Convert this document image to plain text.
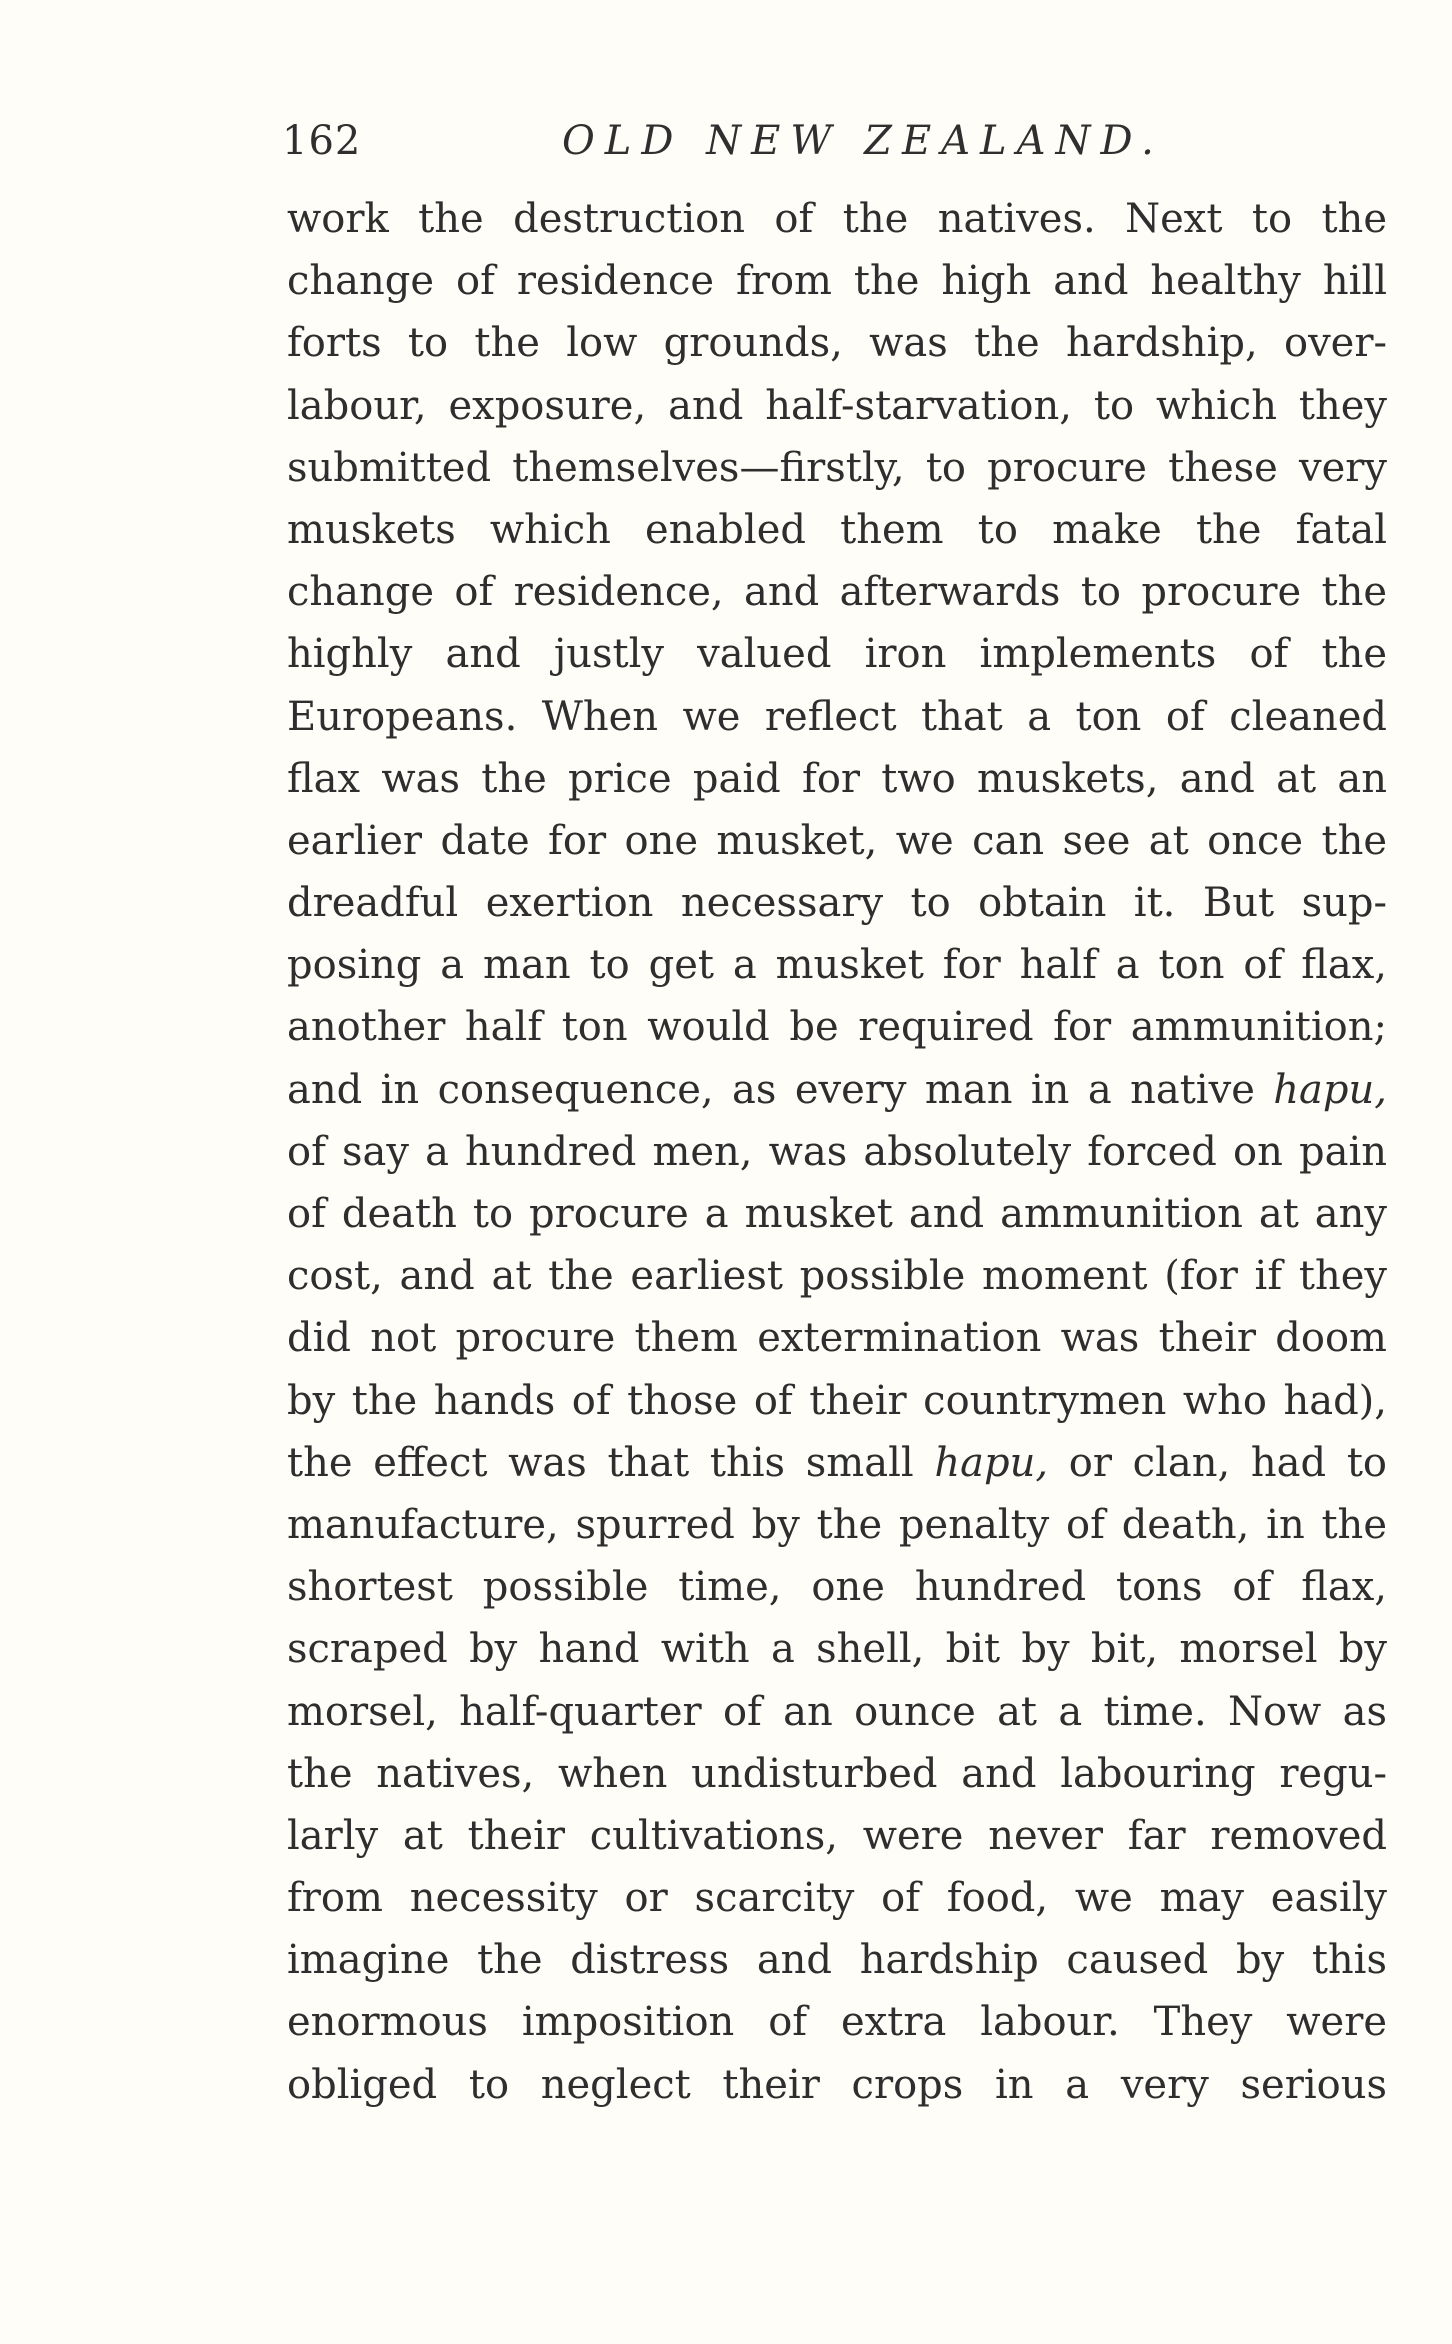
162	OLD NEW ZEALAND.
work the destruction of the natives. Next to the
change of residence from the high and healthy hill
forts to the low grounds, was the hardship, over-
labour, exposure, and half-starvation, to which they
submitted themselves—firstly, to procure these very
muskets which enabled them to make the fatal
change of residence, and afterwards to procure the
highly and justly valued iron implements of the
Europeans. When we reflect that a ton of cleaned
flax was the price paid for two muskets, and at an
earlier date for one musket, we can see at once the
dreadful exertion necessary to obtain it. But sup-
posing a man to get a musket for half a ton of flax,
another half ton would be required for ammunition;
and in consequence, as every man in a native hapu,
of say a hundred men, was absolutely forced on pain
of death to procure a musket and ammunition at any
cost, and at the earliest possible moment (for if they
did not procure them extermination was their doom
by the hands of those of their countrymen who had),
the effect was that this small hapu, or clan, had to
manufacture, spurred by the penalty of death, in the
shortest possible time, one hundred tons of flax,
scraped by hand with a shell, bit by bit, morsel by
morsel, half-quarter of an ounce at a time. Now as
the natives, when undisturbed and labouring regu-
larly at their cultivations, were never far removed
from necessity or scarcity of food, we may easily
imagine the distress and hardship caused by this
enormous imposition of extra labour. They were
obliged to neglect their crops in a very serious
